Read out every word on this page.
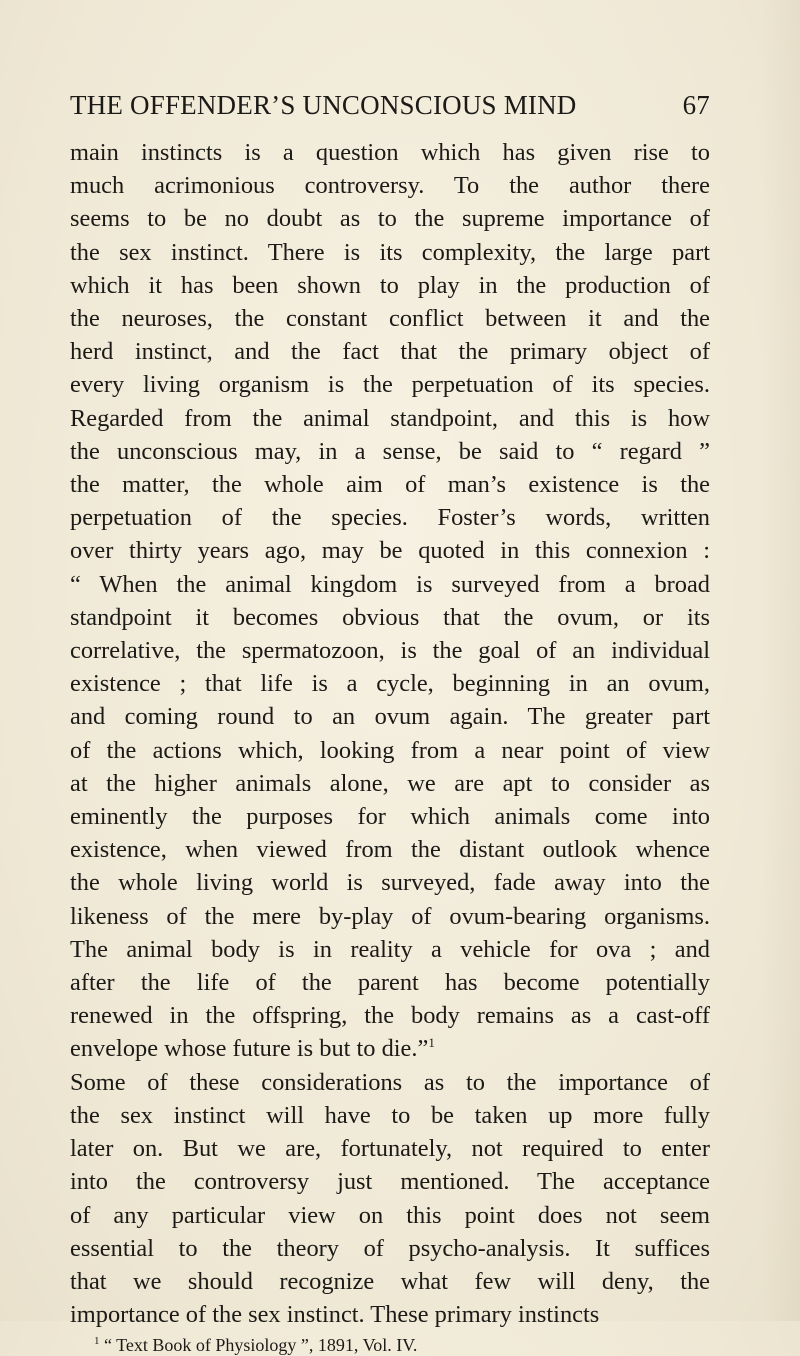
THE OFFENDER’S UNCONSCIOUS MIND	67
main instincts is a question which has given rise to
much acrimonious controversy. To the author there
seems to be no doubt as to the supreme importance of
the sex instinct. There is its complexity, the large part
which it has been shown to play in the production of
the neuroses, the constant conflict between it and the
herd instinct, and the fact that the primary object of
every living organism is the perpetuation of its species.
Regarded from the animal standpoint, and this is how
the unconscious may, in a sense, be said to “ regard ”
the matter, the whole aim of man’s existence is the
perpetuation of the species. Foster’s words, written
over thirty years ago, may be quoted in this connexion :
“ When the animal kingdom is surveyed from a broad
standpoint it becomes obvious that the ovum, or its
correlative, the spermatozoon, is the goal of an individual
existence ; that life is a cycle, beginning in an ovum,
and coming round to an ovum again. The greater part
of the actions which, looking from a near point of view
at the higher animals alone, we are apt to consider as
eminently the purposes for which animals come into
existence, when viewed from the distant outlook whence
the whole living world is surveyed, fade away into the
likeness of the mere by-play of ovum-bearing organisms.
The animal body is in reality a vehicle for ova ; and
after the life of the parent has become potentially
renewed in the offspring, the body remains as a cast-off
envelope whose future is but to die.”$^1$
Some of these considerations as to the importance of
the sex instinct will have to be taken up more fully
later on. But we are, fortunately, not required to enter
into the controversy just mentioned. The acceptance
of any particular view on this point does not seem
essential to the theory of psycho-analysis. It suffices
that we should recognize what few will deny, the
importance of the sex instinct. These primary instincts
$^1$ “ Text Book of Physiology ”, 1891, Vol. IV.
